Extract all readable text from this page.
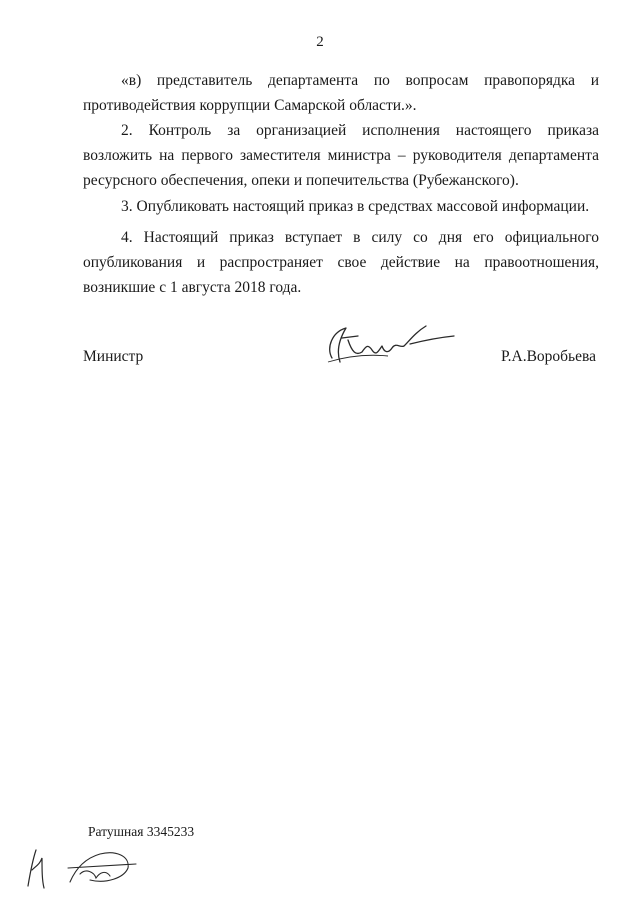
2
«в) представитель департамента по вопросам правопорядка и
противодействия коррупции Самарской области.».
2. Контроль за организацией исполнения настоящего приказа
возложить на первого заместителя министра – руководителя департамента
ресурсного обеспечения, опеки и попечительства (Рубежанского).
3. Опубликовать настоящий приказ в средствах массовой информации.
4. Настоящий приказ вступает в силу со дня его официального
опубликования и распространяет свое действие на правоотношения,
возникшие с 1 августа 2018 года.
Министр	Р.А.Воробьева
Ратушная 3345233
